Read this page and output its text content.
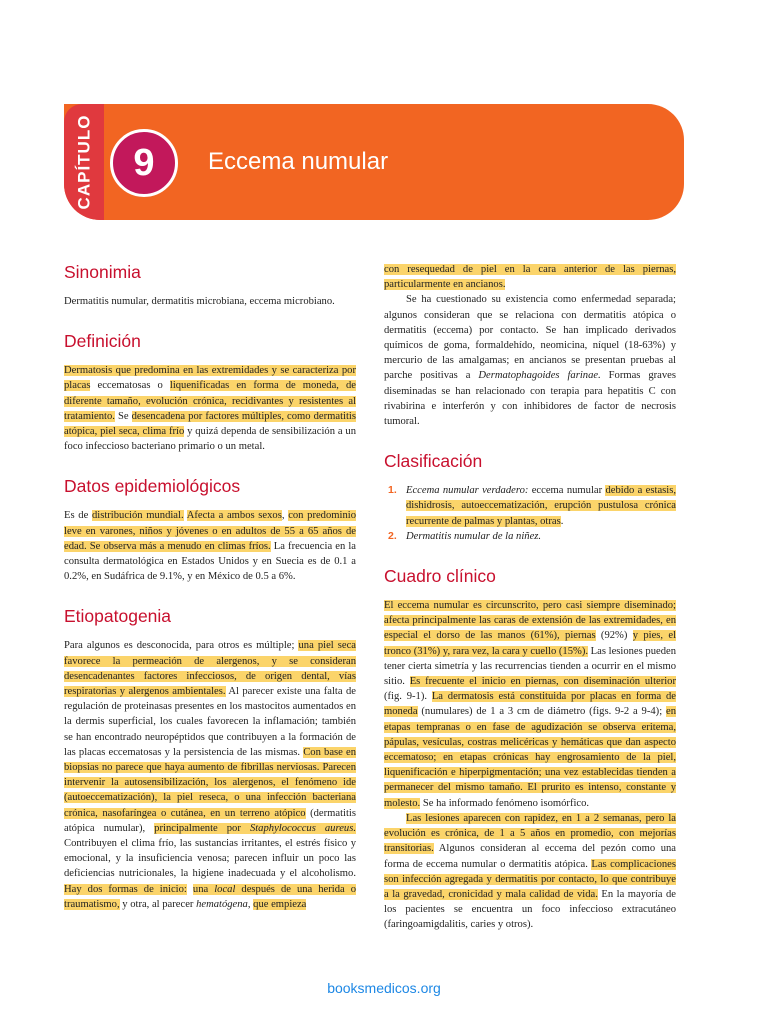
CAPÍTULO	9	Eccema numular
Sinonimia

Dermatitis numular, dermatitis microbiana, eccema microbiano.

Definición

Dermatosis que predomina en las extremidades y se caracteriza por placas eccematosas o liquenificadas en forma de moneda, de diferente tamaño, evolución crónica, recidivantes y resistentes al tratamiento. Se desencadena por factores múltiples, como dermatitis atópica, piel seca, clima frío y quizá dependa de sensibilización a un foco infeccioso bacteriano primario o un metal.

Datos epidemiológicos

Es de distribución mundial. Afecta a ambos sexos, con predominio leve en varones, niños y jóvenes o en adultos de 55 a 65 años de edad. Se observa más a menudo en climas fríos. La frecuencia en la consulta dermatológica en Estados Unidos y en Suecia es de 0.1 a 0.2%, en Sudáfrica de 9.1%, y en México de 0.5 a 6%.

Etiopatogenia

Para algunos es desconocida, para otros es múltiple; una piel seca favorece la permeación de alergenos, y se consideran desencadenantes factores infecciosos, de origen dental, vías respiratorias y alergenos ambientales. Al parecer existe una falta de regulación de proteinasas presentes en los mastocitos aumentados en la dermis superficial, los cuales favorecen la inflamación; también se han encontrado neuropéptidos que contribuyen a la formación de las placas eccematosas y la persistencia de las mismas. Con base en biopsias no parece que haya aumento de fibrillas nerviosas. Parecen intervenir la autosensibilización, los alergenos, el fenómeno ide (autoeccematización), la piel reseca, o una infección bacteriana crónica, nasofaríngea o cutánea, en un terreno atópico (dermatitis atópica numular), principalmente por Staphylococcus aureus. Contribuyen el clima frío, las sustancias irritantes, el estrés físico y emocional, y la insuficiencia venosa; parecen influir un poco las deficiencias nutricionales, la higiene inadecuada y el alcoholismo. Hay dos formas de inicio: una local después de una herida o traumatismo, y otra, al parecer hematógena, que empieza

con resequedad de piel en la cara anterior de las piernas, particularmente en ancianos.

Se ha cuestionado su existencia como enfermedad separada; algunos consideran que se relaciona con dermatitis atópica o dermatitis (eccema) por contacto. Se han implicado derivados químicos de goma, formaldehído, neomicina, níquel (18-63%) y mercurio de las amalgamas; en ancianos se presentan pruebas al parche positivas a Dermatophagoides farinae. Formas graves diseminadas se han relacionado con terapia para hepatitis C con rivabirina e interferón y con inhibidores de factor de necrosis tumoral.

Clasificación
1. Eccema numular verdadero: eccema numular debido a estasis, dishidrosis, autoeccematización, erupción pustulosa crónica recurrente de palmas y plantas, otras.
2. Dermatitis numular de la niñez.
Cuadro clínico

El eccema numular es circunscrito, pero casi siempre diseminado; afecta principalmente las caras de extensión de las extremidades, en especial el dorso de las manos (61%), piernas (92%) y pies, el tronco (31%) y, rara vez, la cara y cuello (15%). Las lesiones pueden tener cierta simetría y las recurrencias tienden a ocurrir en el mismo sitio. Es frecuente el inicio en piernas, con diseminación ulterior (fig. 9-1). La dermatosis está constituida por placas en forma de moneda (numulares) de 1 a 3 cm de diámetro (figs. 9-2 a 9-4); en etapas tempranas o en fase de agudización se observa eritema, pápulas, vesículas, costras melicéricas y hemáticas que dan aspecto eccematoso; en etapas crónicas hay engrosamiento de la piel, liquenificación e hiperpigmentación; una vez establecidas tienden a permanecer del mismo tamaño. El prurito es intenso, constante y molesto. Se ha informado fenómeno isomórfico.

Las lesiones aparecen con rapidez, en 1 a 2 semanas, pero la evolución es crónica, de 1 a 5 años en promedio, con mejorías transitorias. Algunos consideran al eccema del pezón como una forma de eccema numular o dermatitis atópica. Las complicaciones son infección agregada y dermatitis por contacto, lo que contribuye a la gravedad, cronicidad y mala calidad de vida. En la mayoría de los pacientes se encuentra un foco infeccioso extracutáneo (faringoamigdalitis, caries y otros).

booksmedicos.org
